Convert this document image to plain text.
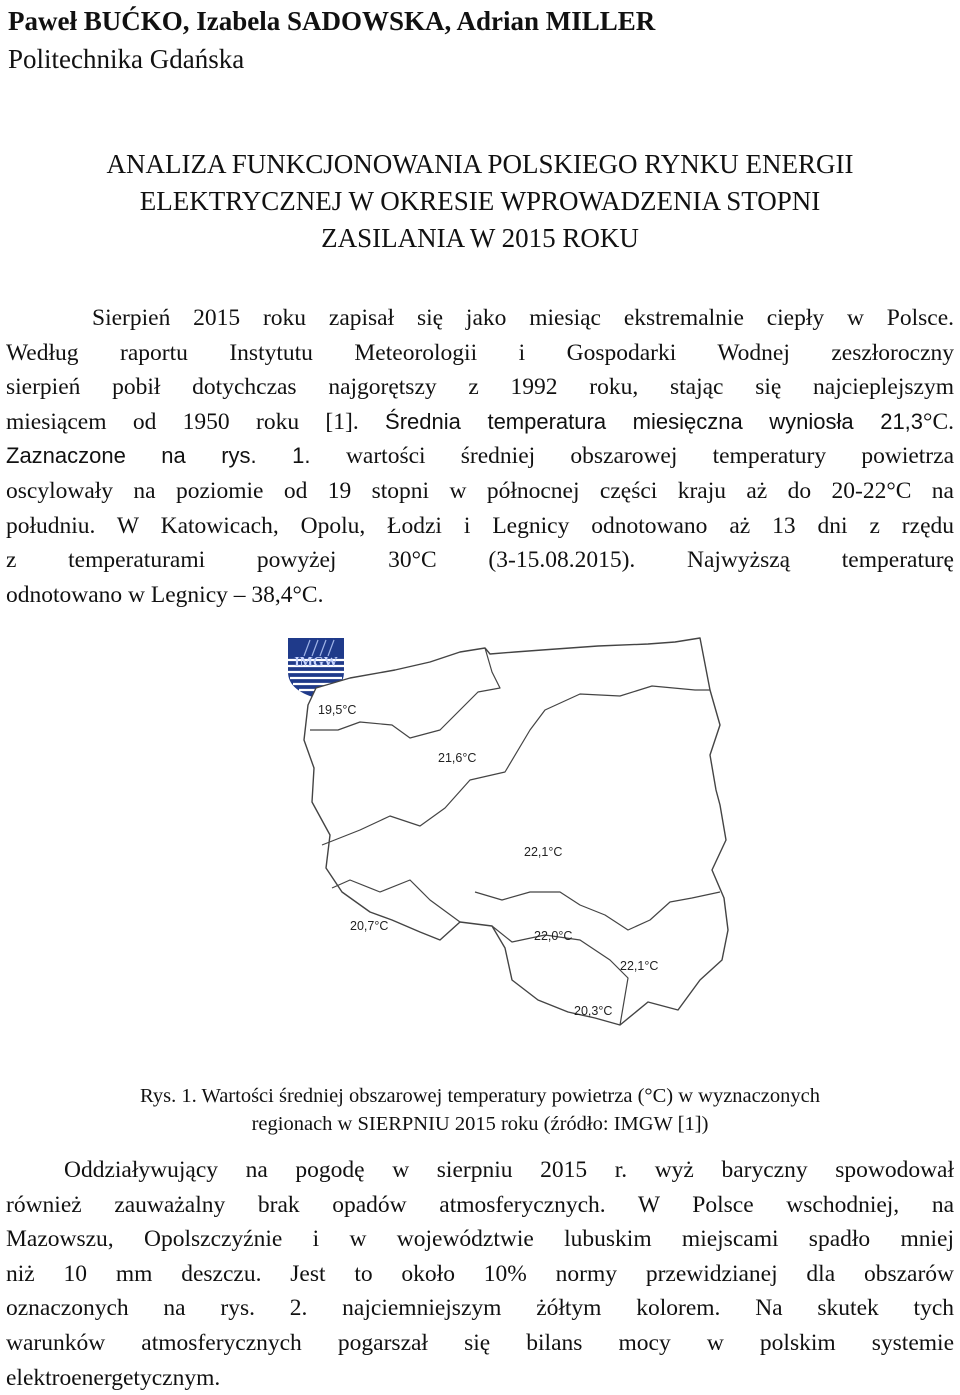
Paweł BUĆKO, Izabela SADOWSKA, Adrian MILLER
Politechnika Gdańska
ANALIZA FUNKCJONOWANIA POLSKIEGO RYNKU ENERGII
ELEKTRYCZNEJ W OKRESIE WPROWADZENIA STOPNI
ZASILANIA W 2015 ROKU
Sierpień 2015 roku zapisał się jako miesiąc ekstremalnie ciepły w Polsce.
Według raportu Instytutu Meteorologii i Gospodarki Wodnej zeszłoroczny
sierpień pobił dotychczas najgorętszy z 1992 roku, stając się najcieplejszym
miesiącem od 1950 roku [1]. Średnia temperatura miesięczna wyniosła 21,3°C.
Zaznaczone na rys. 1. wartości średniej obszarowej temperatury powietrza
oscylowały na poziomie od 19 stopni w północnej części kraju aż do 20-22°C na
południu. W Katowicach, Opolu, Łodzi i Legnicy odnotowano aż 13 dni z rzędu
z temperaturami powyżej 30°C (3-15.08.2015). Najwyższą temperaturę
odnotowano w Legnicy – 38,4°C.
IMGW
19,5°C
21,6°C
22,1°C
20,7°C
22,0°C
22,1°C
20,3°C
Rys. 1. Wartości średniej obszarowej temperatury powietrza (°C) w wyznaczonych
regionach w SIERPNIU 2015 roku (źródło: IMGW [1])
Oddziaływujący na pogodę w sierpniu 2015 r. wyż baryczny spowodował
również zauważalny brak opadów atmosferycznych. W Polsce wschodniej, na
Mazowszu, Opolszczyźnie i w województwie lubuskim miejscami spadło mniej
niż 10 mm deszczu. Jest to około 10% normy przewidzianej dla obszarów
oznaczonych na rys. 2. najciemniejszym żółtym kolorem. Na skutek tych
warunków atmosferycznych pogarszał się bilans mocy w polskim systemie
elektroenergetycznym.
